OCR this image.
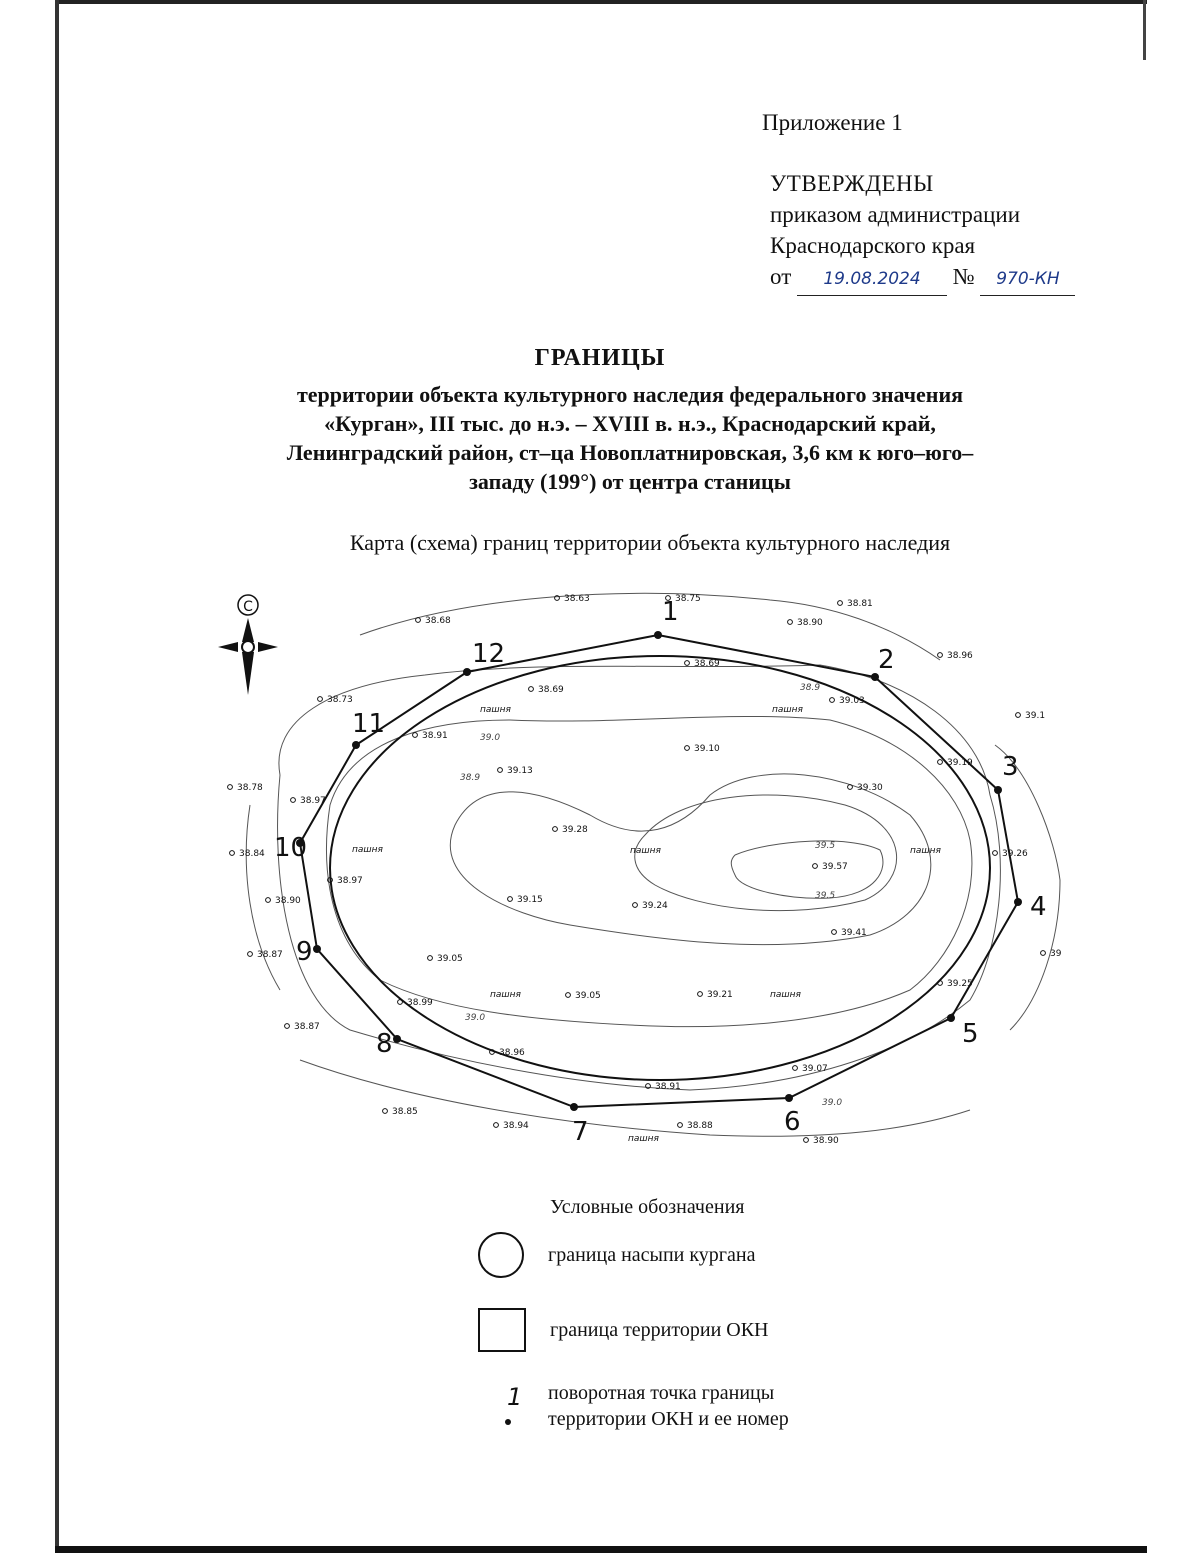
Приложение 1
УТВЕРЖДЕНЫ
приказом администрации
Краснодарского края
от 19.08.2024 № 970-КН
ГРАНИЦЫ
территории объекта культурного наследия федерального значения
«Курган», III тыс. до н.э. – XVIII в. н.э., Краснодарский край,
Ленинградский район, ст–ца Новоплатнировская, 3,6 км к юго–юго–
западу (199°) от центра станицы
Карта (схема) границ территории объекта культурного наследия
С	1
2
3
4
5
6
7
8
9
10
11
12
38.9
39.0
39.5
39.5
38.9
39.0
39.0
пашня	пашня
пашня	пашня	пашня
пашня	пашня
пашня
38.63	38.75	38.81
38.90
38.96
38.68
38.73
38.69
39.03
38.69
38.91
39.10
39.13
39.19
38.78
38.97
39.30
39.28
38.84	39.26
38.97
39.57
38.90	39.15
39.24
39.41
38.87	39.05
39.25
39.05	39.21
38.99
38.87
38.96
39.07
38.91
38.85
38.94	38.88
38.90
39.1
39
Условные обозначения
граница насыпи кургана
граница территории ОКН
1 поворотная точка границы
территории ОКН и ее номер
